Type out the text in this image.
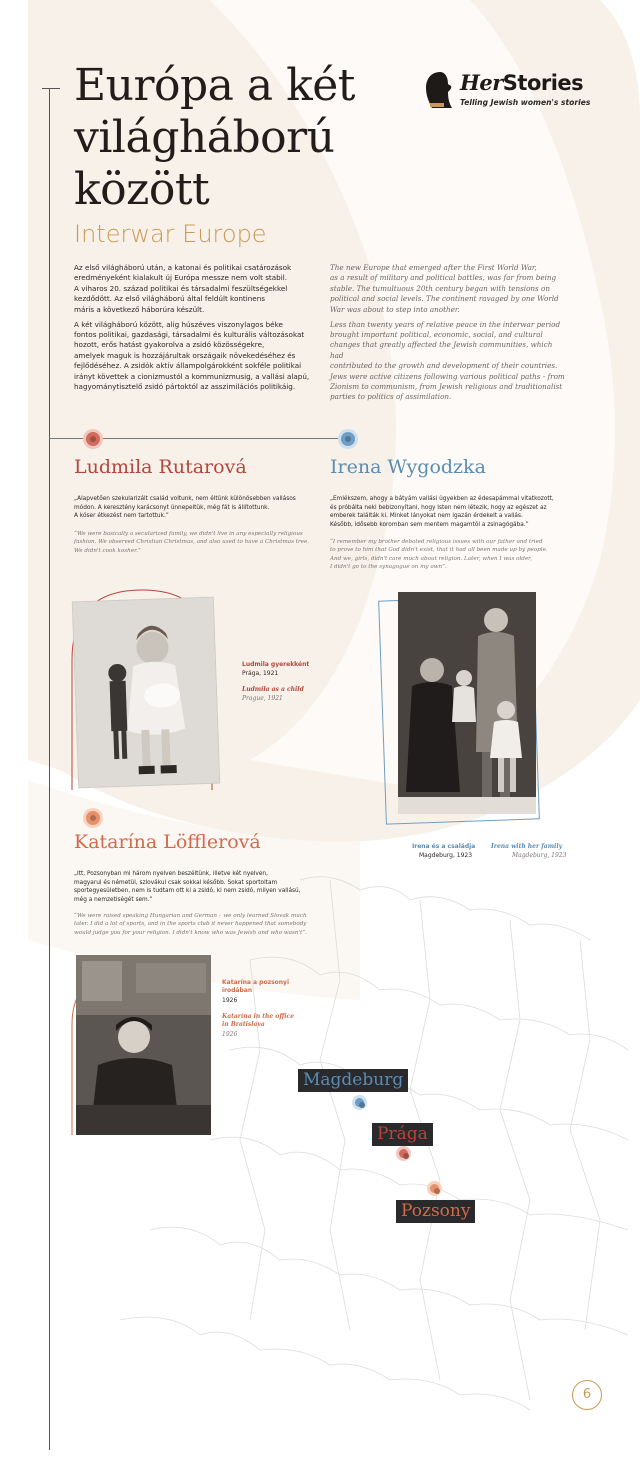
Európa a két világháború között
Interwar Europe
HerStories
Telling Jewish women's stories

Az első világháború után, a katonai és politikai csatározások
eredményeként kialakult új Európa messze nem volt stabil.
A viharos 20. század politikai és társadalmi feszültségekkel
kezdődött. Az első világháború által feldúlt kontinens
máris a következő háborúra készült.

A két világháború között, alig húszéves viszonylagos béke
fontos politikai, gazdasági, társadalmi és kulturális változásokat
hozott, erős hatást gyakorolva a zsidó közösségekre,
amelyek maguk is hozzájárultak országaik növekedéséhez és
fejlődéséhez. A zsidók aktív állampolgárokként sokféle politikai
irányt követtek a cionizmustól a kommunizmusig, a vallási alapú,
hagyománytisztelő zsidó pártoktól az asszimilációs politikáig.

The new Europe that emerged after the First World War,
as a result of military and political battles, was far from being
stable. The tumultuous 20th century began with tensions on
political and social levels. The continent ravaged by one World
War was about to step into another.

Less than twenty years of relative peace in the interwar period
brought important political, economic, social, and cultural
changes that greatly affected the Jewish communities, which had
contributed to the growth and development of their countries.
Jews were active citizens following various political paths - from
Zionism to communism, from Jewish religious and traditionalist
parties to politics of assimilation.

Ludmila Rutarová
„Alapvetően szekularizált család voltunk, nem éltünk különösebben vallásos
módon. A keresztény karácsonyt ünnepeltük, még fát is állítottunk.
A kóser étkezést nem tartottuk.”
“We were basically a secularized family, we didn't live in any especially religious
fashion. We observed Christian Christmas, and also used to have a Christmas tree.
We didn't cook kosher.”
Ludmila gyerekként
Prága, 1921
Ludmila as a child
Prague, 1921
Irena Wygodzka
„Emlékszem, ahogy a bátyám vallási ügyekben az édesapámmal vitatkozott,
és próbálta neki bebizonyítani, hogy Isten nem létezik, hogy az egészet az
emberek találták ki. Minket lányokat nem igazán érdekelt a vallás.
Később, idősebb koromban sem mentem magamtól a zsinagógába.”
“I remember my brother debated religious issues with our father and tried
to prove to him that God didn't exist, that it had all been made up by people.
And we, girls, didn't care much about religion. Later, when I was older,
I didn't go to the synagogue on my own”.
Irena és a családja
Magdeburg, 1923
Irena with her family
Magdeburg, 1923
Katarína Löfflerová
„Itt, Pozsonyban mi három nyelven beszéltünk, illetve két nyelven,
magyarul és németül, szlovákul csak sokkal később. Sokat sportoltam
sportegyesületben, nem is tudtam ott ki a zsidó, ki nem zsidó, milyen vallású,
még a nemzetiségét sem.”
“We were raised speaking Hungarian and German – we only learned Slovak much
later. I did a lot of sports, and in the sports club it never happened that somebody
would judge you for your religion. I didn't know who was Jewish and who wasn't”.
Katarína a pozsonyi
irodában
1926
Katarína in the office
in Bratislava
1926
Magdeburg
Prága
Pozsony
6
